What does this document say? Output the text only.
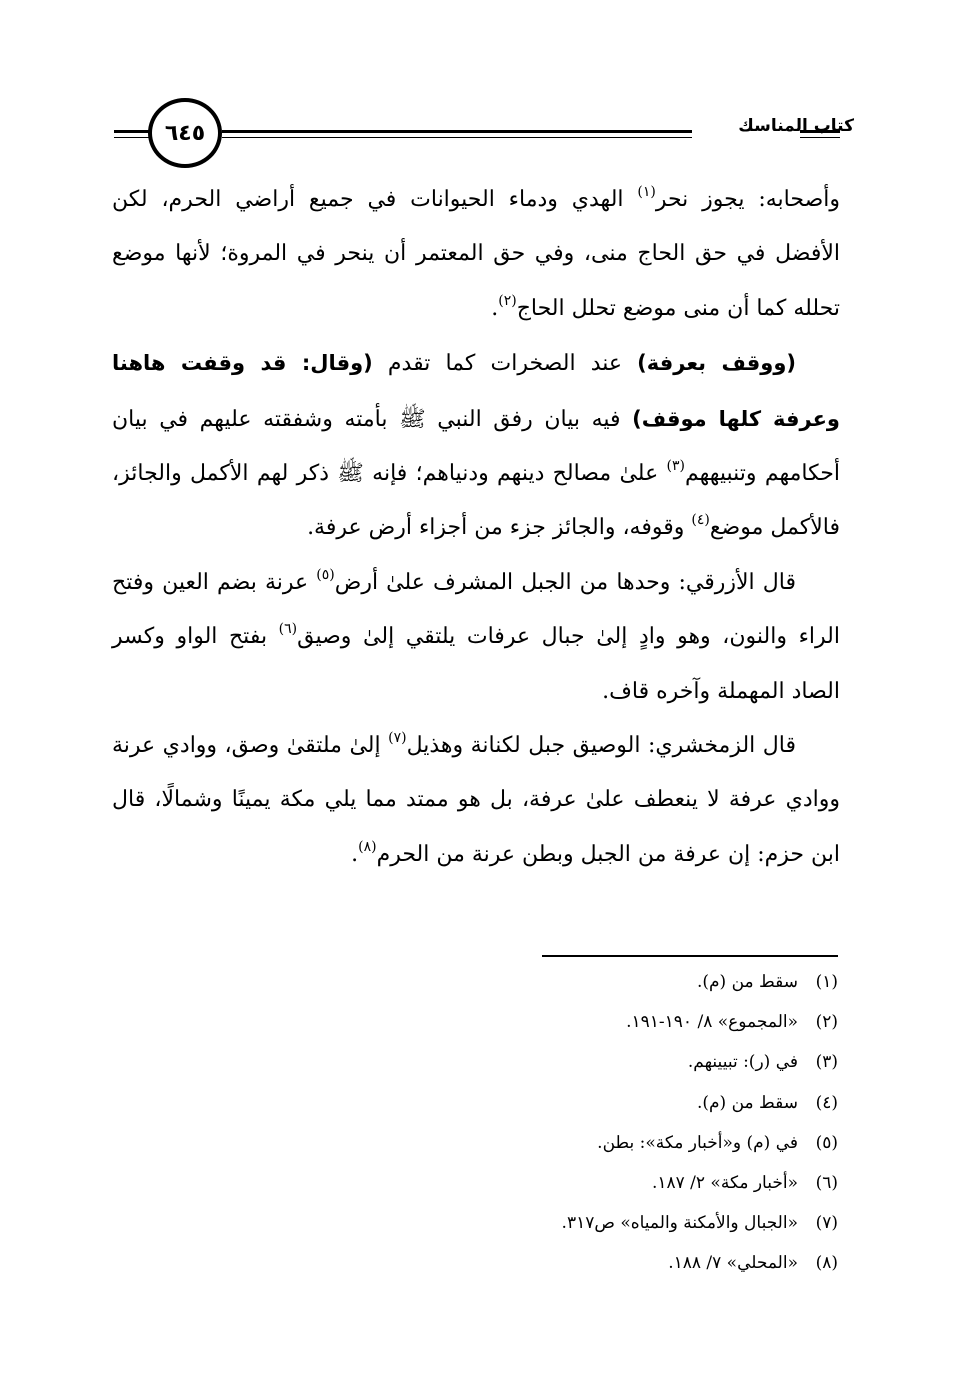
كتاب المناسك
٦٤٥

وأصحابه: يجوز نحر$^{(١)}$ الهدي ودماء الحيوانات في جميع أراضي الحرم، لكن الأفضل في حق الحاج منى، وفي حق المعتمر أن ينحر في المروة؛ لأنها موضع تحلله كما أن منى موضع تحلل الحاج$^{(٢)}$.

(ووقف بعرفة) عند الصخرات كما تقدم (وقال: قد وقفت هاهنا وعرفة كلها موقف) فيه بيان رفق النبي ﷺ بأمته وشفقته عليهم في بيان أحكامهم وتنبيههم$^{(٣)}$ علىٰ مصالح دينهم ودنياهم؛ فإنه ﷺ ذكر لهم الأكمل والجائز، فالأكمل موضع$^{(٤)}$ وقوفه، والجائز جزء من أجزاء أرض عرفة.

قال الأزرقي: وحدها من الجبل المشرف علىٰ أرض$^{(٥)}$ عرنة بضم العين وفتح الراء والنون، وهو وادٍ إلىٰ جبال عرفات يلتقي إلىٰ وصيق$^{(٦)}$ بفتح الواو وكسر الصاد المهملة وآخره قاف.

قال الزمخشري: الوصيق جبل لكنانة وهذيل$^{(٧)}$ إلىٰ ملتقىٰ وصق، ووادي عرنة ووادي عرفة لا ينعطف علىٰ عرفة، بل هو ممتد مما يلي مكة يمينًا وشمالًا، قال ابن حزم: إن عرفة من الجبل وبطن عرنة من الحرم$^{(٨)}$.

(١)سقط من (م).
(٢)«المجموع» ٨/ ١٩٠-١٩١.
(٣)في (ر): تبيينهم.
(٤)سقط من (م).
(٥)في (م) و«أخبار مكة»: بطن.
(٦)«أخبار مكة» ٢/ ١٨٧.
(٧)«الجبال والأمكنة والمياه» ص٣١٧.
(٨)«المحلي» ٧/ ١٨٨.
